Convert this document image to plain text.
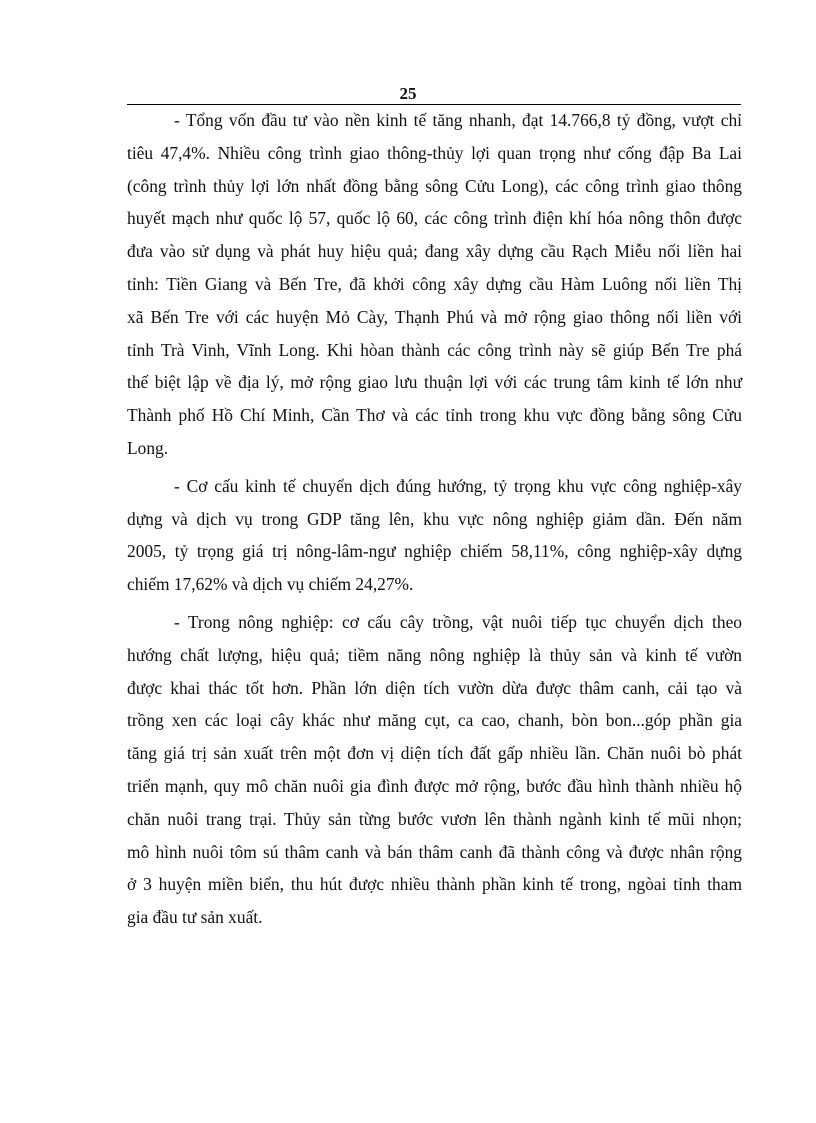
25
- Tổng vốn đầu tư vào nền kinh tế tăng nhanh, đạt 14.766,8 tỷ đồng, vượt chỉ
tiêu 47,4%. Nhiều công trình giao thông-thủy lợi quan trọng như cống đập Ba Lai
(công trình thủy lợi lớn nhất đồng bằng sông Cửu Long), các công trình giao thông
huyết mạch như quốc lộ 57, quốc lộ 60, các công trình điện khí hóa nông thôn được
đưa vào sử dụng và phát huy hiệu quả; đang xây dựng cầu Rạch Miễu nối liền hai
tỉnh: Tiền Giang và Bến Tre, đã khởi công xây dựng cầu Hàm Luông nối liền Thị
xã Bến Tre với các huyện Mỏ Cày, Thạnh Phú và mở rộng giao thông nối liền với
tỉnh Trà Vinh, Vĩnh Long. Khi hòan thành các công trình này sẽ giúp Bến Tre phá
thế biệt lập về địa lý, mở rộng giao lưu thuận lợi với các trung tâm kinh tế lớn như
Thành phố Hồ Chí Minh, Cần Thơ và các tỉnh trong khu vực đồng bằng sông Cửu
Long.
- Cơ cấu kinh tế chuyển dịch đúng hướng, tỷ trọng khu vực công nghiệp-xây
dựng và dịch vụ trong GDP tăng lên, khu vực nông nghiệp giảm dần. Đến năm
2005, tỷ trọng giá trị nông-lâm-ngư nghiệp chiếm 58,11%, công nghiệp-xây dựng
chiếm 17,62% và dịch vụ chiếm 24,27%.
- Trong nông nghiệp: cơ cấu cây trồng, vật nuôi tiếp tục chuyển dịch theo
hướng chất lượng, hiệu quả; tiềm năng nông nghiệp là thủy sản và kinh tế vườn
được khai thác tốt hơn. Phần lớn diện tích vườn dừa được thâm canh, cải tạo và
trồng xen các loại cây khác như măng cụt, ca cao, chanh, bòn bon...góp phần gia
tăng giá trị sản xuất trên một đơn vị diện tích đất gấp nhiều lần. Chăn nuôi bò phát
triển mạnh, quy mô chăn nuôi gia đình được mở rộng, bước đầu hình thành nhiều hộ
chăn nuôi trang trại. Thủy sản từng bước vươn lên thành ngành kinh tế mũi nhọn;
mô hình nuôi tôm sú thâm canh và bán thâm canh đã thành công và được nhân rộng
ở 3 huyện miền biển, thu hút được nhiều thành phần kinh tế trong, ngòai tỉnh tham
gia đầu tư sản xuất.
